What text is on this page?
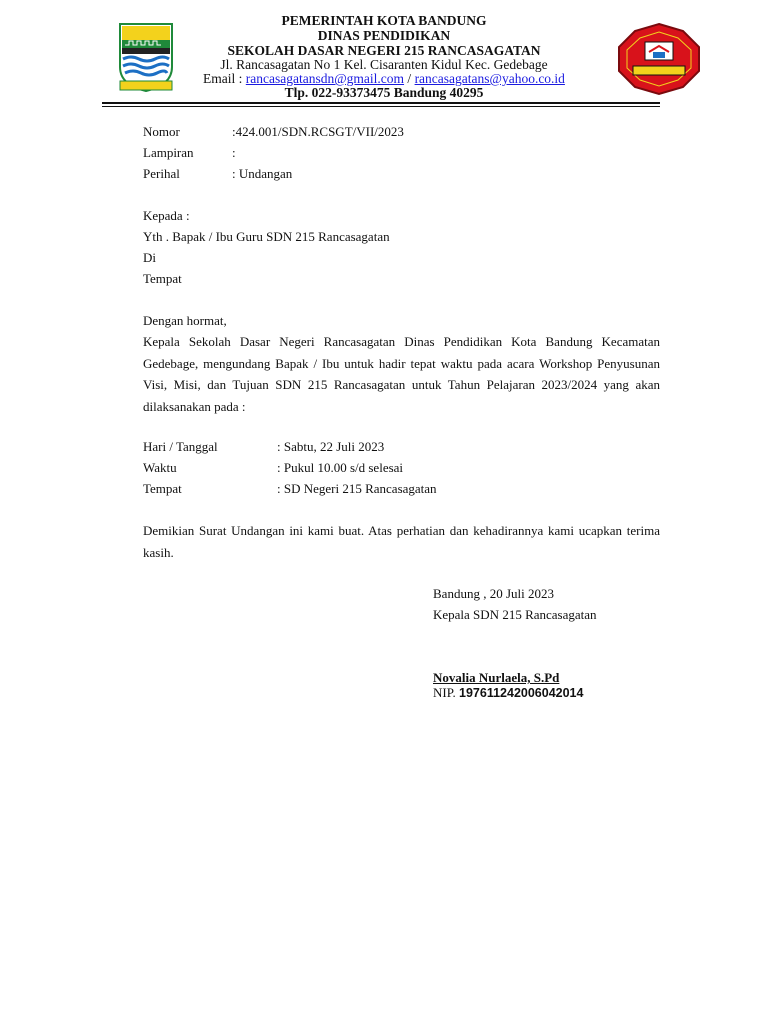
PEMERINTAH KOTA BANDUNG
DINAS PENDIDIKAN
SEKOLAH DASAR NEGERI 215 RANCASAGATAN
Jl. Rancasagatan No 1 Kel. Cisaranten Kidul Kec. Gedebage
Email : rancasagatansdn@gmail.com / rancasagatans@yahoo.co.id
Tlp. 022-93373475 Bandung 40295
Nomor	:424.001/SDN.RCSGT/VII/2023
Lampiran	:
Perihal	: Undangan
Kepada :
Yth . Bapak / Ibu Guru SDN 215 Rancasagatan
Di
Tempat
Dengan hormat,
Kepala Sekolah Dasar Negeri Rancasagatan Dinas Pendidikan Kota Bandung Kecamatan Gedebage, mengundang Bapak / Ibu untuk hadir tepat waktu pada acara Workshop Penyusunan Visi, Misi, dan Tujuan SDN 215 Rancasagatan untuk Tahun Pelajaran 2023/2024 yang akan dilaksanakan pada :
Hari / Tanggal	: Sabtu, 22 Juli 2023
Waktu	: Pukul 10.00 s/d selesai
Tempat	: SD Negeri 215 Rancasagatan
Demikian Surat Undangan ini kami buat. Atas perhatian dan kehadirannya kami ucapkan terima kasih.
Bandung , 20 Juli 2023
Kepala SDN 215 Rancasagatan
Novalia Nurlaela, S.Pd
NIP. 197611242006042014
